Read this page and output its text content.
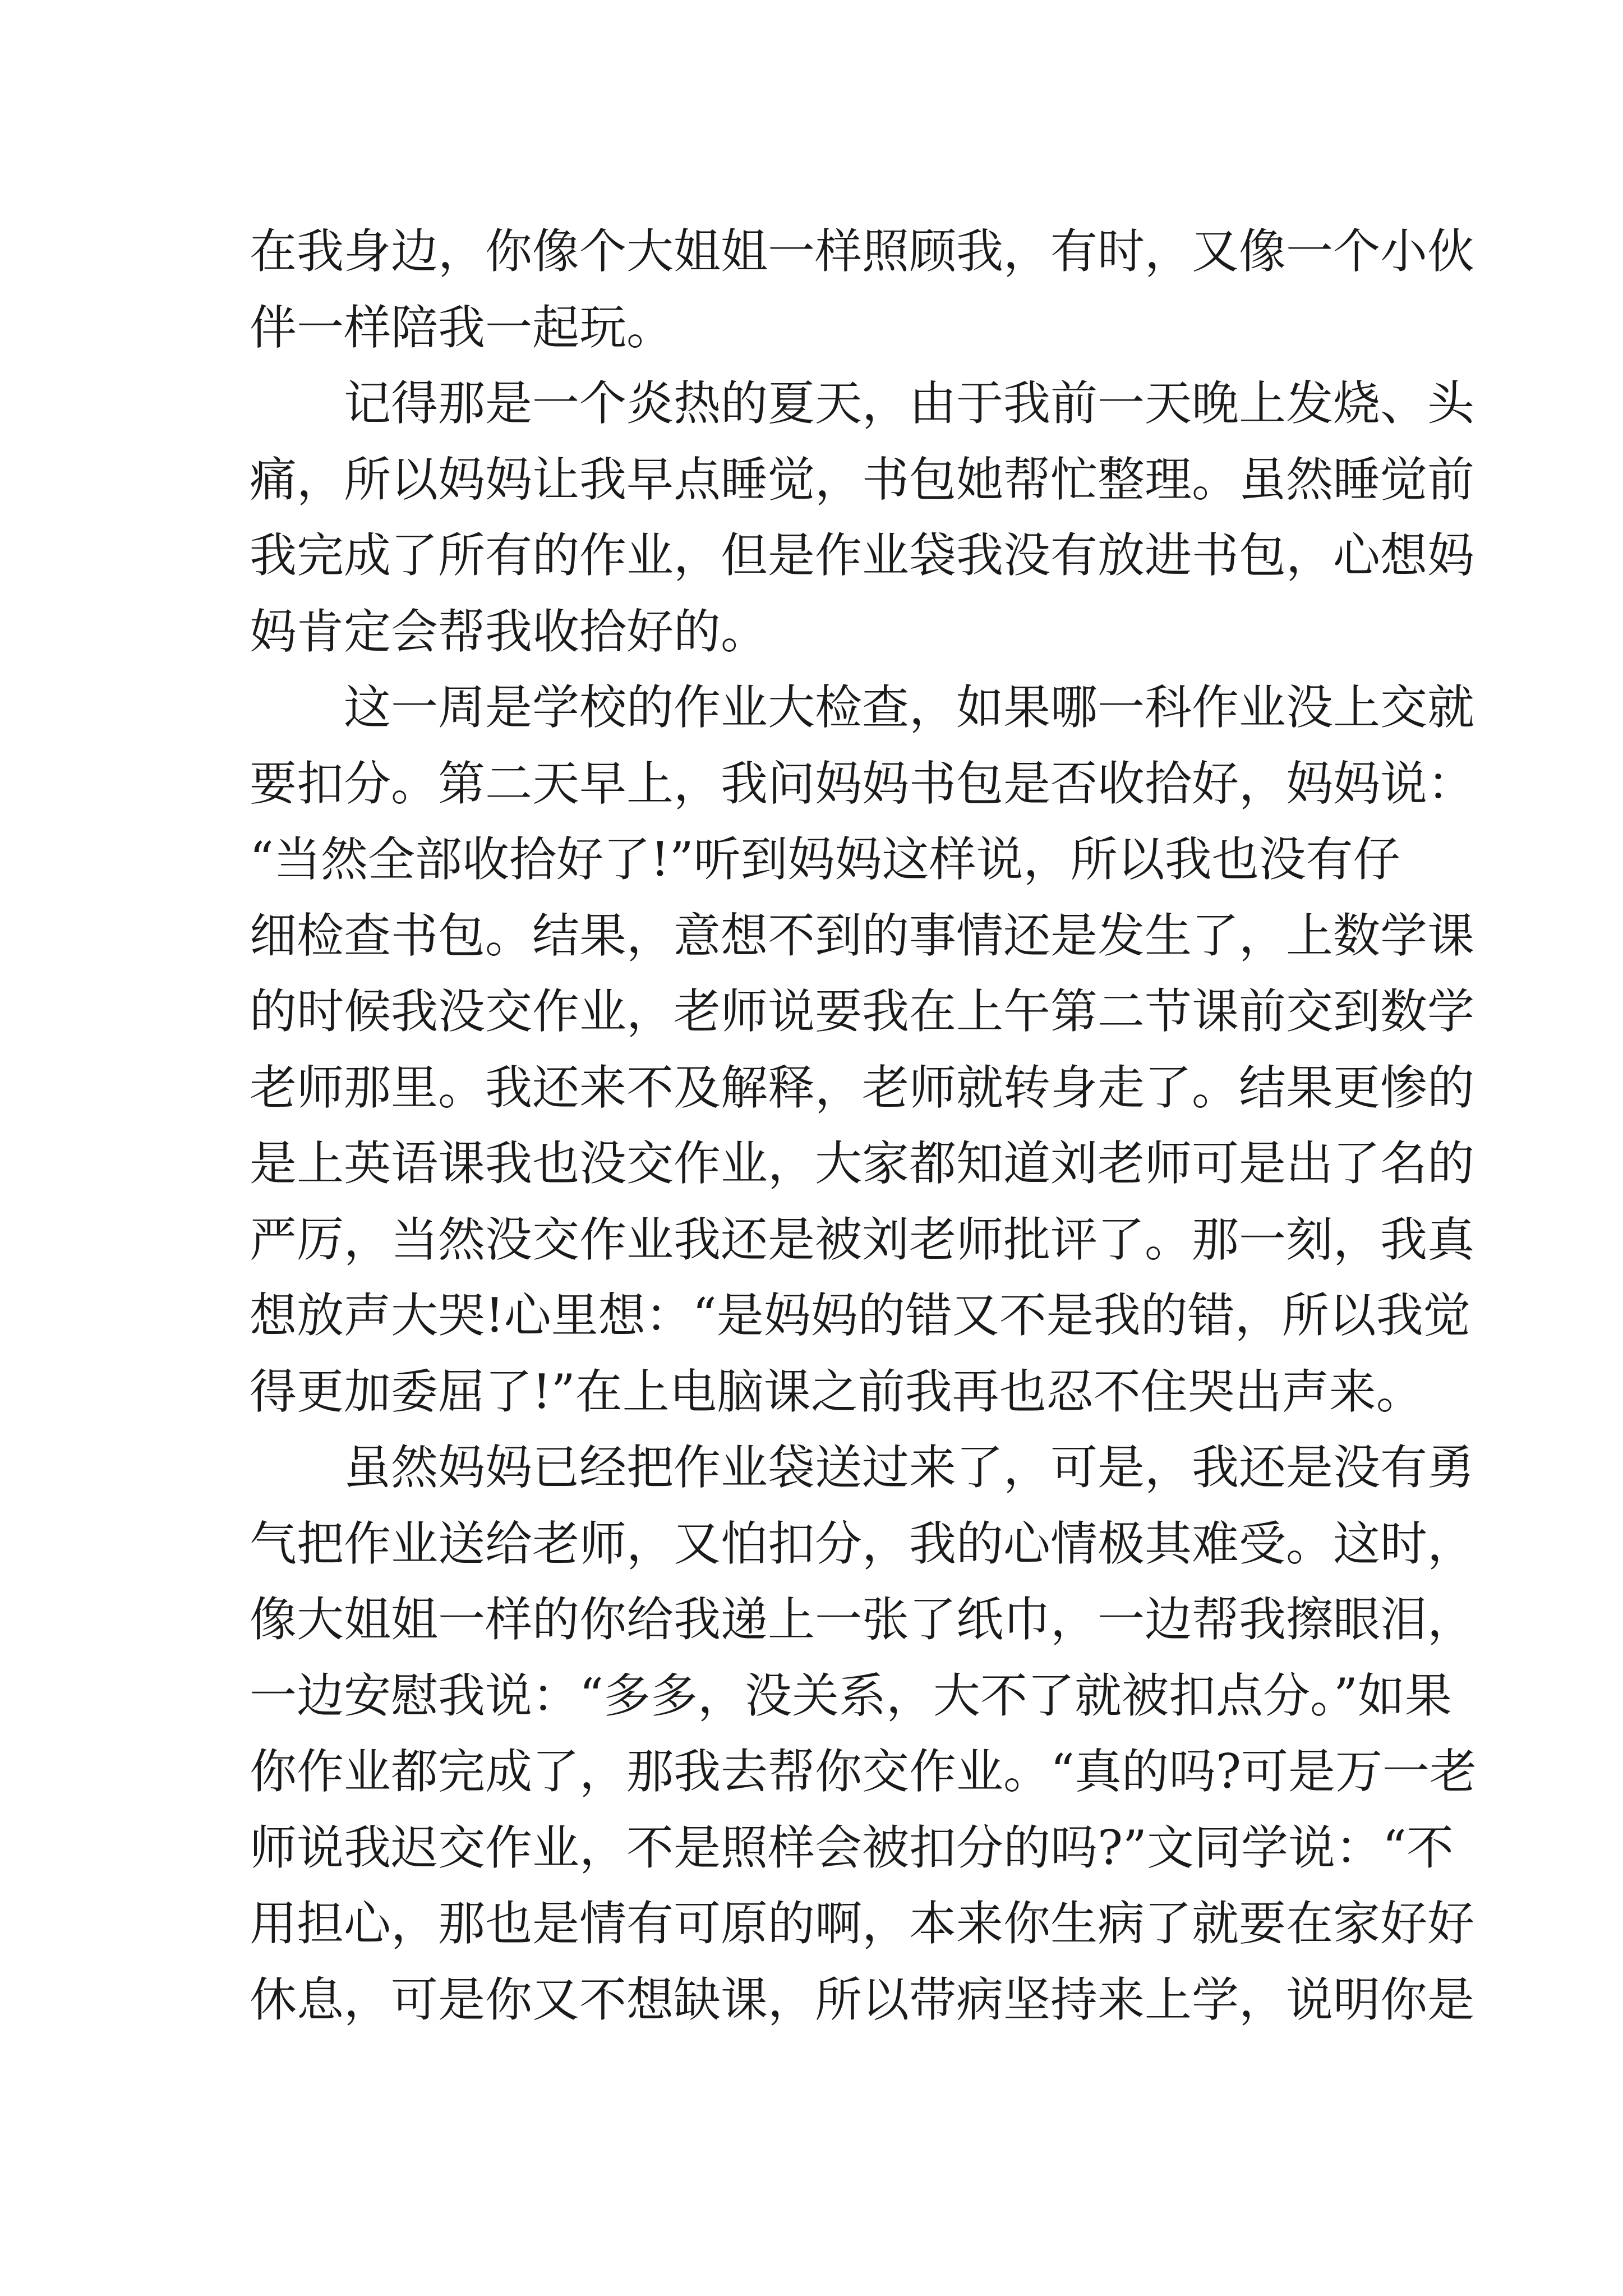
在我身边，你像个大姐姐一样照顾我，有时，又像一个小伙
伴一样陪我一起玩。
记得那是一个炎热的夏天，由于我前一天晚上发烧、头
痛，所以妈妈让我早点睡觉，书包她帮忙整理。虽然睡觉前
我完成了所有的作业，但是作业袋我没有放进书包，心想妈
妈肯定会帮我收拾好的。
这一周是学校的作业大检查，如果哪一科作业没上交就
要扣分。第二天早上，我问妈妈书包是否收拾好，妈妈说：
“当然全部收拾好了!”听到妈妈这样说，所以我也没有仔
细检查书包。结果，意想不到的事情还是发生了，上数学课
的时候我没交作业，老师说要我在上午第二节课前交到数学
老师那里。我还来不及解释，老师就转身走了。结果更惨的
是上英语课我也没交作业，大家都知道刘老师可是出了名的
严厉，当然没交作业我还是被刘老师批评了。那一刻，我真
想放声大哭!心里想：“是妈妈的错又不是我的错，所以我觉
得更加委屈了!”在上电脑课之前我再也忍不住哭出声来。
虽然妈妈已经把作业袋送过来了，可是，我还是没有勇
气把作业送给老师，又怕扣分，我的心情极其难受。这时，
像大姐姐一样的你给我递上一张了纸巾，一边帮我擦眼泪，
一边安慰我说：“多多，没关系，大不了就被扣点分。”如果
你作业都完成了，那我去帮你交作业。“真的吗?可是万一老
师说我迟交作业，不是照样会被扣分的吗?”文同学说：“不
用担心，那也是情有可原的啊，本来你生病了就要在家好好
休息，可是你又不想缺课，所以带病坚持来上学，说明你是
